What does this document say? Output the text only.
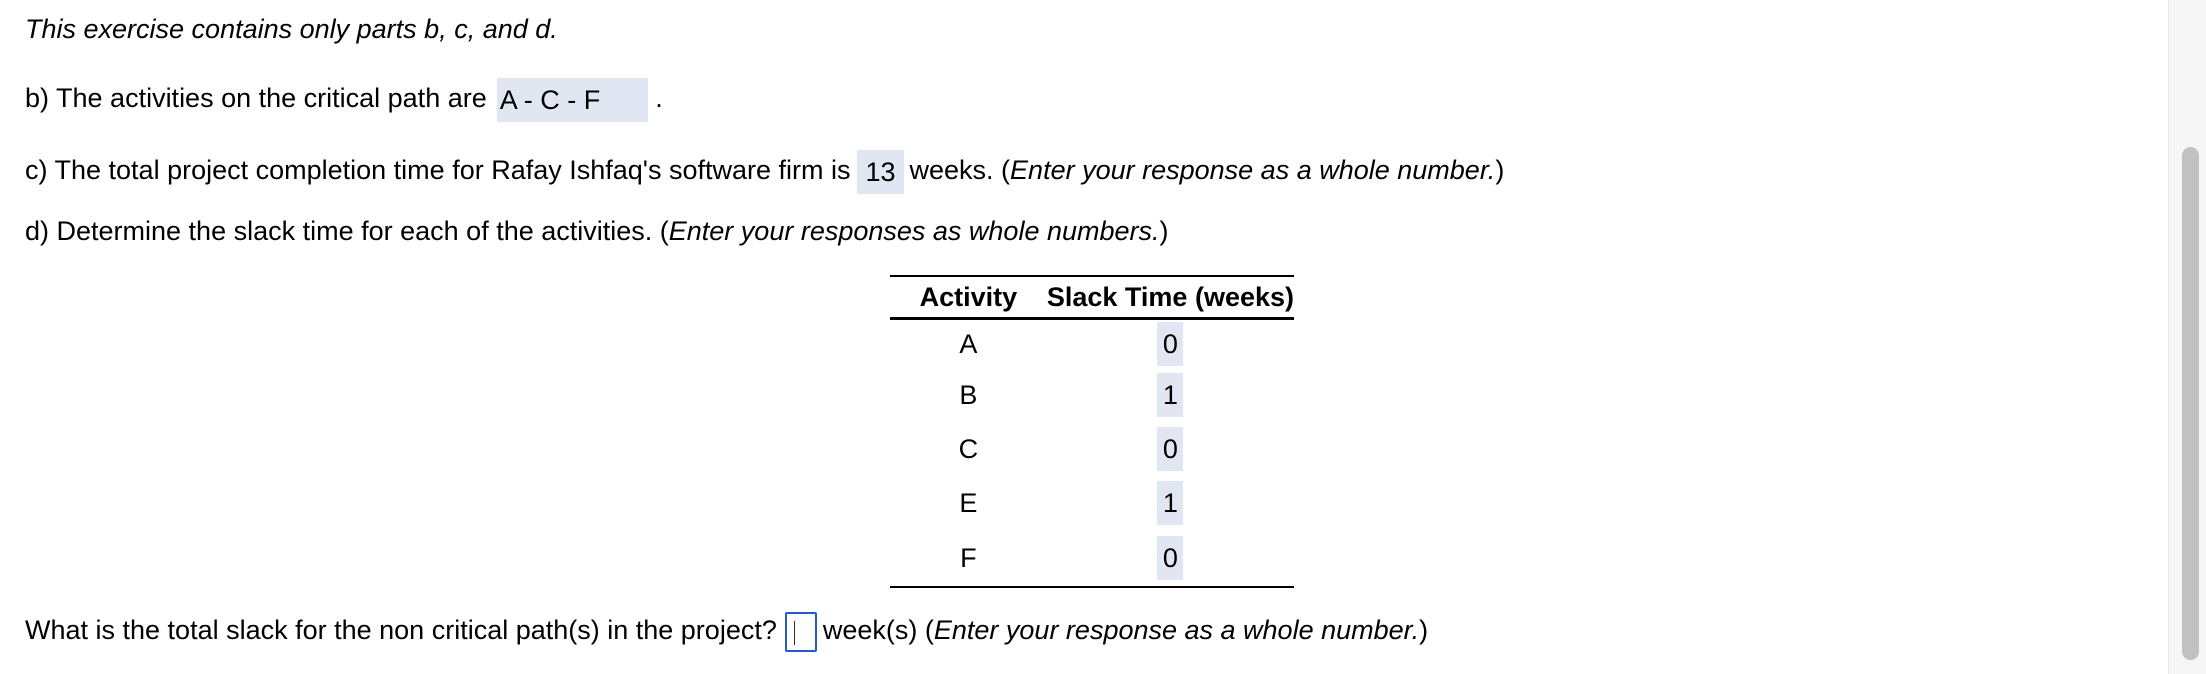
This exercise contains only parts b, c, and d.
b) The activities on the critical path are A - C - F .
c) The total project completion time for Rafay Ishfaq's software firm is 13 weeks. (Enter your response as a whole number.)
d) Determine the slack time for each of the activities. (Enter your responses as whole numbers.)
Activity	Slack Time (weeks)
A	0
B	1
C	0
E	1
F	0
What is the total slack for the non critical path(s) in the project? week(s) (Enter your response as a whole number.)
